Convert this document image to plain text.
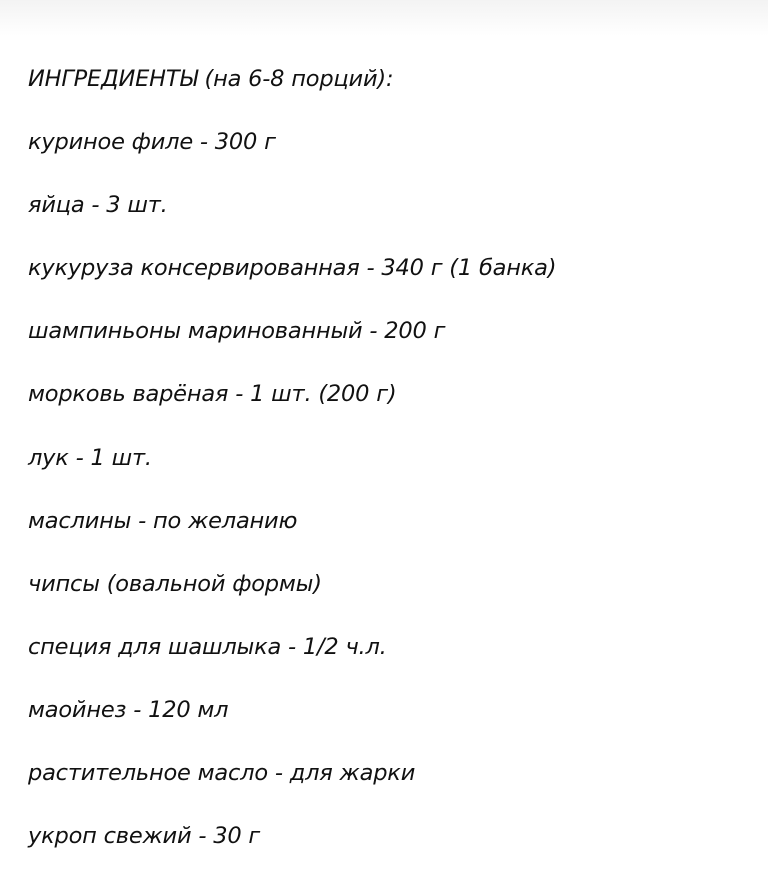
ИНГРЕДИЕНТЫ (на 6-8 порций):
куриное филе - 300 г
яйца - 3 шт.
кукуруза консервированная - 340 г (1 банка)
шампиньоны маринованный - 200 г
морковь варёная - 1 шт. (200 г)
лук - 1 шт.
маслины - по желанию
чипсы (овальной формы)
специя для шашлыка - 1/2 ч.л.
маойнез - 120 мл
растительное масло - для жарки
укроп свежий - 30 г
